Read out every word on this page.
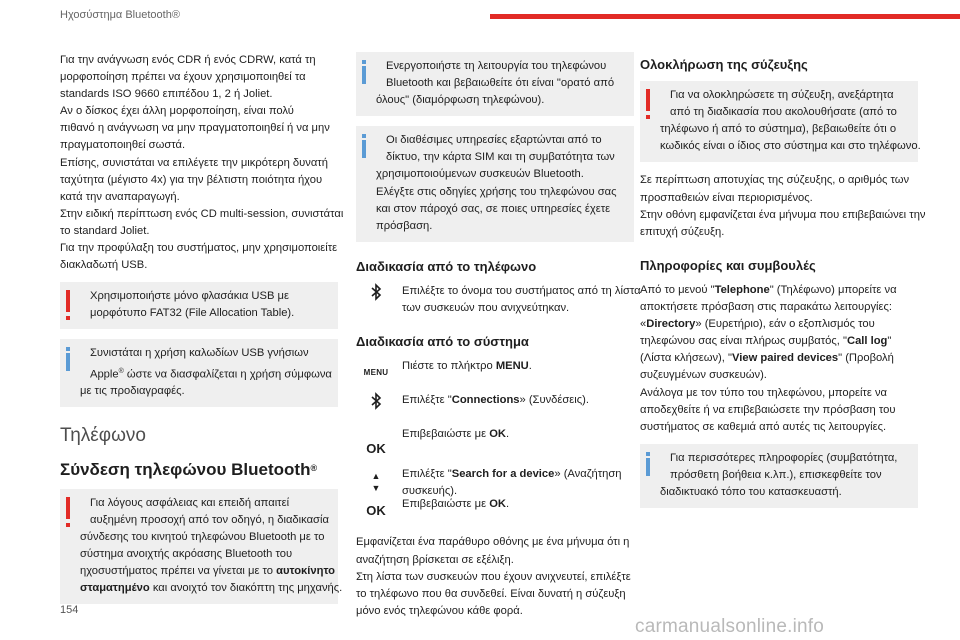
Ηχοσύστημα Bluetooth®
Για την ανάγνωση ενός CDR ή ενός CDRW, κατά τη
μορφοποίηση πρέπει να έχουν χρησιμοποιηθεί τα
standards ISO 9660 επιπέδου 1, 2 ή Joliet.
Αν ο δίσκος έχει άλλη μορφοποίηση, είναι πολύ
πιθανό η ανάγνωση να μην πραγματοποιηθεί ή να μην
πραγματοποιηθεί σωστά.
Επίσης, συνιστάται να επιλέγετε την μικρότερη δυνατή
ταχύτητα (μέγιστο 4x) για την βέλτιστη ποιότητα ήχου
κατά την αναπαραγωγή.
Στην ειδική περίπτωση ενός CD multi-session, συνιστάται
το standard Joliet.
Για την προφύλαξη του συστήματος, μην χρησιμοποιείτε
διακλαδωτή USB.
Χρησιμοποιήστε μόνο φλασάκια USB με
μορφότυπο FAT32 (File Allocation Table).
Συνιστάται η χρήση καλωδίων USB γνήσιων
Apple® ώστε να διασφαλίζεται η χρήση σύμφωνα
με τις προδιαγραφές.
Τηλέφωνο
Σύνδεση τηλεφώνου Bluetooth®
Για λόγους ασφάλειας και επειδή απαιτεί
αυξημένη προσοχή από τον οδηγό, η διαδικασία
σύνδεσης του κινητού τηλεφώνου Bluetooth με το
σύστημα ανοιχτής ακρόασης Bluetooth του
ηχοσυστήματος πρέπει να γίνεται με το αυτοκίνητο
σταματημένο και ανοιχτό τον διακόπτη της μηχανής.
Ενεργοποιήστε τη λειτουργία του τηλεφώνου
Bluetooth και βεβαιωθείτε ότι είναι "ορατό από
όλους" (διαμόρφωση τηλεφώνου).
Οι διαθέσιμες υπηρεσίες εξαρτώνται από το
δίκτυο, την κάρτα SIM και τη συμβατότητα των
χρησιμοποιούμενων συσκευών Bluetooth.
Ελέγξτε στις οδηγίες χρήσης του τηλεφώνου σας
και στον πάροχό σας, σε ποιες υπηρεσίες έχετε
πρόσβαση.
Διαδικασία από το τηλέφωνο
Επιλέξτε το όνομα του συστήματος από τη λίστα
των συσκευών που ανιχνεύτηκαν.
Διαδικασία από το σύστημα
MENU
Πιέστε το πλήκτρο MENU.
Επιλέξτε "Connections» (Συνδέσεις).
OK
Επιβεβαιώστε με OK.
▲
▼
Επιλέξτε "Search for a device» (Αναζήτηση
συσκευής).
OK	Επιβεβαιώστε με OK.
Εμφανίζεται ένα παράθυρο οθόνης με ένα μήνυμα ότι η
αναζήτηση βρίσκεται σε εξέλιξη.
Στη λίστα των συσκευών που έχουν ανιχνευτεί, επιλέξτε
το τηλέφωνο που θα συνδεθεί. Είναι δυνατή η σύζευξη
μόνο ενός τηλεφώνου κάθε φορά.
Ολοκλήρωση της σύζευξης
Για να ολοκληρώσετε τη σύζευξη, ανεξάρτητα
από τη διαδικασία που ακολουθήσατε (από το
τηλέφωνο ή από το σύστημα), βεβαιωθείτε ότι ο
κωδικός είναι ο ίδιος στο σύστημα και στο τηλέφωνο.
Σε περίπτωση αποτυχίας της σύζευξης, ο αριθμός των
προσπαθειών είναι περιορισμένος.
Στην οθόνη εμφανίζεται ένα μήνυμα που επιβεβαιώνει την
επιτυχή σύζευξη.
Πληροφορίες και συμβουλές
Από το μενού "Telephone" (Τηλέφωνο) μπορείτε να
αποκτήσετε πρόσβαση στις παρακάτω λειτουργίες:
«Directory» (Ευρετήριο), εάν ο εξοπλισμός του
τηλεφώνου σας είναι πλήρως συμβατός, "Call log"
(Λίστα κλήσεων), "View paired devices" (Προβολή
συζευγμένων συσκευών).
Ανάλογα με τον τύπο του τηλεφώνου, μπορείτε να
αποδεχθείτε ή να επιβεβαιώσετε την πρόσβαση του
συστήματος σε καθεμιά από αυτές τις λειτουργίες.
Για περισσότερες πληροφορίες (συμβατότητα,
πρόσθετη βοήθεια κ.λπ.), επισκεφθείτε τον
διαδικτυακό τόπο του κατασκευαστή.
154
carmanualsonline.info
